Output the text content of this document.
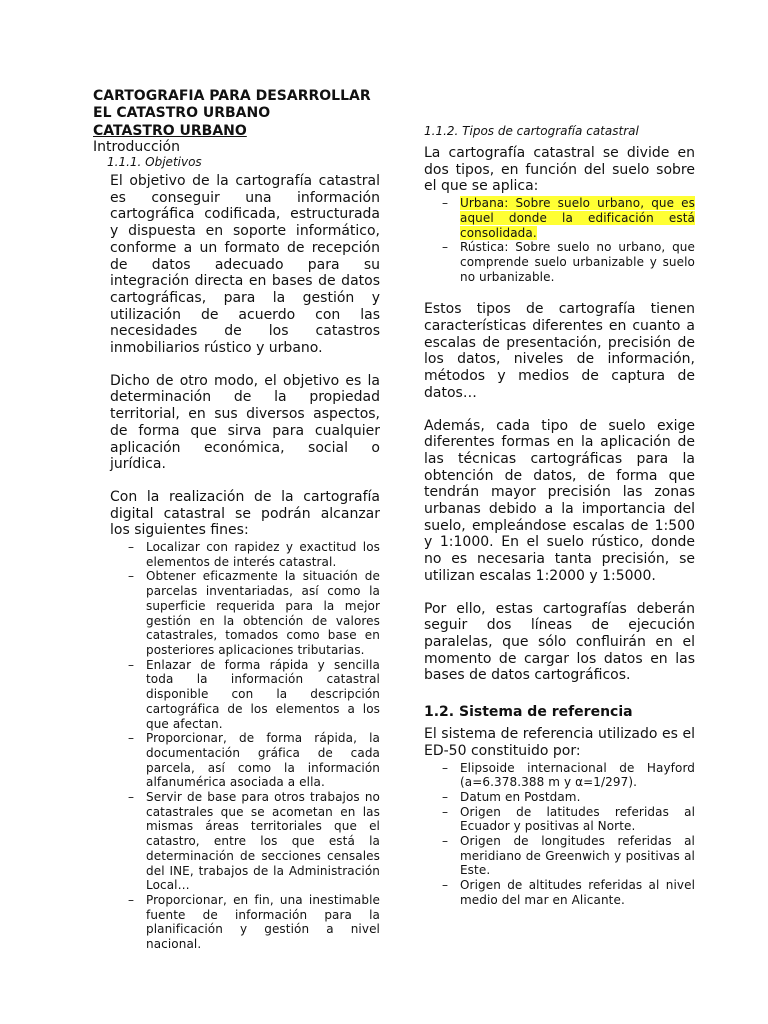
CARTOGRAFIA PARA DESARROLLAR EL CATASTRO URBANO
CATASTRO URBANO
Introducción
1.1.1. Objetivos

El objetivo de la cartografía catastral es conseguir una información cartográfica codificada, estructurada y dispuesta en soporte informático, conforme a un formato de recepción de datos adecuado para su integración directa en bases de datos cartográficas, para la gestión y utilización de acuerdo con las necesidades de los catastros inmobiliarios rústico y urbano.

Dicho de otro modo, el objetivo es la determinación de la propiedad territorial, en sus diversos aspectos, de forma que sirva para cualquier aplicación económica, social o jurídica.

Con la realización de la cartografía digital catastral se podrán alcanzar los siguientes fines:

– Localizar con rapidez y exactitud los elementos de interés catastral.
– Obtener eficazmente la situación de parcelas inventariadas, así como la superficie requerida para la mejor gestión en la obtención de valores catastrales, tomados como base en posteriores aplicaciones tributarias.
– Enlazar de forma rápida y sencilla toda la información catastral disponible con la descripción cartográfica de los elementos a los que afectan.
– Proporcionar, de forma rápida, la documentación gráfica de cada parcela, así como la información alfanumérica asociada a ella.
– Servir de base para otros trabajos no catastrales que se acometan en las mismas áreas territoriales que el catastro, entre los que está la determinación de secciones censales del INE, trabajos de la Administración Local…
– Proporcionar, en fin, una inestimable fuente de información para la planificación y gestión a nivel nacional.
1.1.2. Tipos de cartografía catastral

La cartografía catastral se divide en dos tipos, en función del suelo sobre el que se aplica:

– Urbana: Sobre suelo urbano, que es aquel donde la edificación está consolidada.
– Rústica: Sobre suelo no urbano, que comprende suelo urbanizable y suelo no urbanizable.

Estos tipos de cartografía tienen características diferentes en cuanto a escalas de presentación, precisión de los datos, niveles de información, métodos y medios de captura de datos…

Además, cada tipo de suelo exige diferentes formas en la aplicación de las técnicas cartográficas para la obtención de datos, de forma que tendrán mayor precisión las zonas urbanas debido a la importancia del suelo, empleándose escalas de 1:500 y 1:1000. En el suelo rústico, donde no es necesaria tanta precisión, se utilizan escalas 1:2000 y 1:5000.

Por ello, estas cartografías deberán seguir dos líneas de ejecución paralelas, que sólo confluirán en el momento de cargar los datos en las bases de datos cartográficos.

1.2. Sistema de referencia

El sistema de referencia utilizado es el ED-50 constituido por:

– Elipsoide internacional de Hayford (a=6.378.388 m y α=1/297).
– Datum en Postdam.
– Origen de latitudes referidas al Ecuador y positivas al Norte.
– Origen de longitudes referidas al meridiano de Greenwich y positivas al Este.
– Origen de altitudes referidas al nivel medio del mar en Alicante.
